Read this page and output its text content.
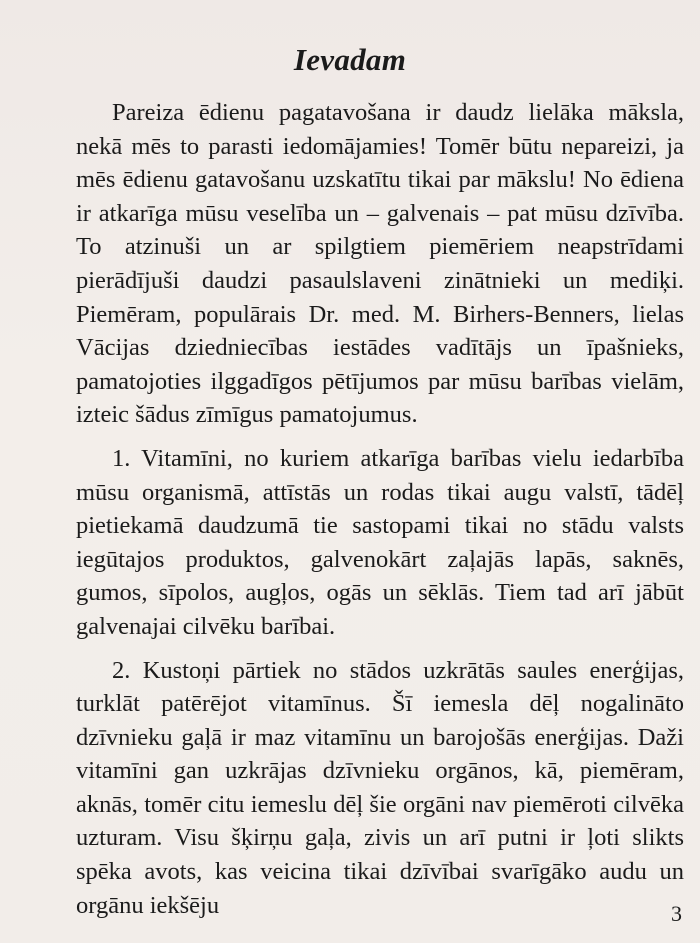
Ievadam

Pareiza ēdienu pagatavošana ir daudz lielāka māksla, nekā mēs to parasti iedomājamies! Tomēr būtu nepareizi, ja mēs ēdienu gatavošanu uzskatītu tikai par mākslu! No ēdiena ir atkarīga mūsu veselība un – galvenais – pat mūsu dzīvība. To atzinuši un ar spilgtiem piemēriem neapstrīdami pierādījuši daudzi pasaulslaveni zinātnieki un mediķi. Piemēram, populārais Dr. med. M. Birhers-Benners, lielas Vācijas dziedniecības iestādes vadītājs un īpašnieks, pamatojoties ilggadīgos pētījumos par mūsu barības vielām, izteic šādus zīmīgus pamatojumus.

1. Vitamīni, no kuriem atkarīga barības vielu iedarbība mūsu organismā, attīstās un rodas tikai augu valstī, tādēļ pietiekamā daudzumā tie sastopami tikai no stādu valsts iegūtajos produktos, galvenokārt zaļajās lapās, saknēs, gumos, sīpolos, augļos, ogās un sēklās. Tiem tad arī jābūt galvenajai cilvēku barībai.

2. Kustoņi pārtiek no stādos uzkrātās saules enerģijas, turklāt patērējot vitamīnus. Šī iemesla dēļ nogalināto dzīvnieku gaļā ir maz vitamīnu un barojošās enerģijas. Daži vitamīni gan uzkrājas dzīvnieku orgānos, kā, piemēram, aknās, tomēr citu iemeslu dēļ šie orgāni nav piemēroti cilvēka uzturam. Visu šķirņu gaļa, zivis un arī putni ir ļoti slikts spēka avots, kas veicina tikai dzīvībai svarīgāko audu un orgānu iekšēju	3
